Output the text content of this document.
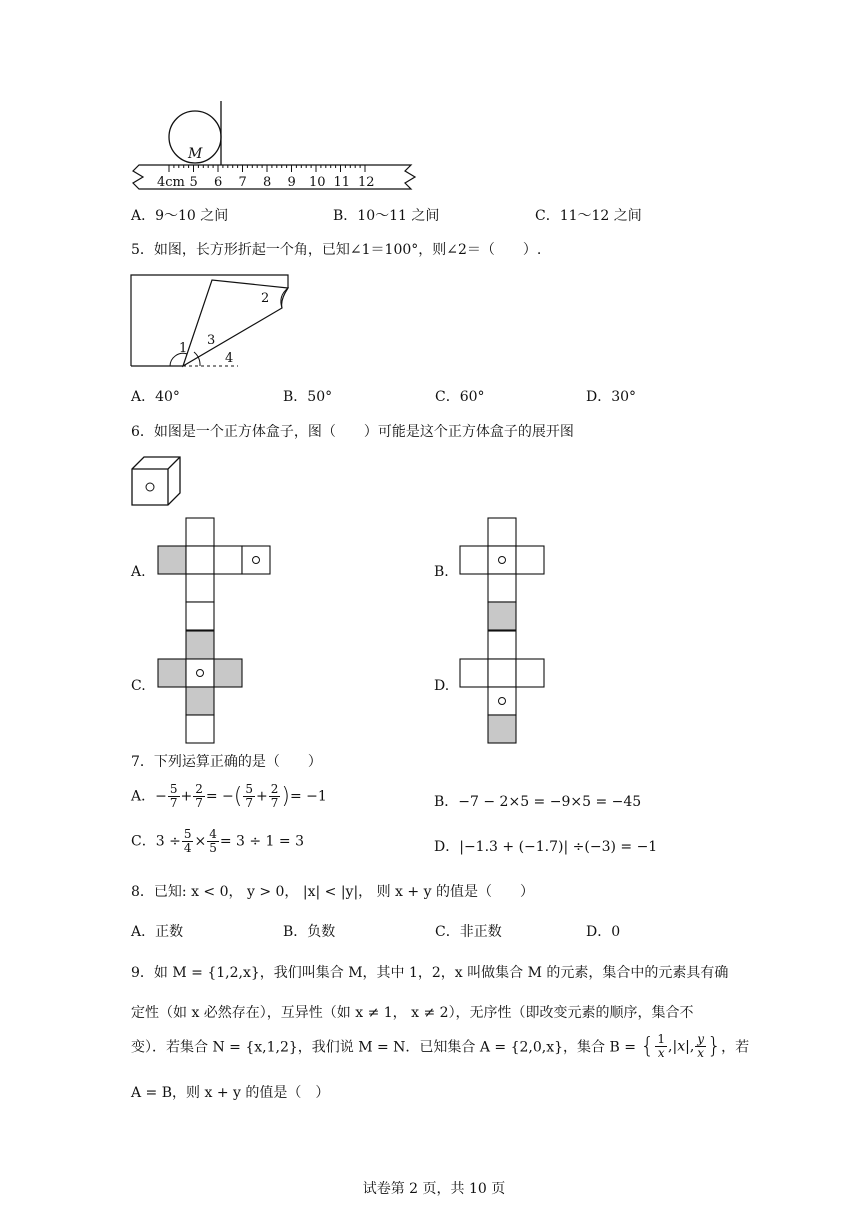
M
4cm 5 6 7 8 9 10 11 12
A．9～10 之间	B．10～11 之间	C．11～12 之间
5．如图，长方形折起一个角，已知∠1＝100°，则∠2＝（　　）.
1
2
3
4
A．40°	B．50°	C．60°	D．30°
6．如图是一个正方体盒子，图（　　）可能是这个正方体盒子的展开图
A.	B.
C.	D.
7．下列运算正确的是（　　）
A．− $\frac{5}{7} + \frac{2}{7}$ = −( $\frac{5}{7} + \frac{2}{7}$ )= −1	B．−7 − 2×5 = −9×5 = −45
C．$3 \div \frac{5}{4} \times \frac{4}{5} = 3 \div 1 = 3$	D．|−1.3 + (−1.7)| ÷(−3) = −1
8．已知: x < 0， y > 0， |x| < |y|， 则 x + y 的值是（　　）
A．正数	B．负数	C．非正数	D．0
9．如 M = {1,2,x}，我们叫集合 M，其中 1，2，x 叫做集合 M 的元素，集合中的元素具有确
定性（如 x 必然存在），互异性（如 x ≠ 1， x ≠ 2），无序性（即改变元素的顺序，集合不
变）．若集合 N = {x,1,2}，我们说 M = N．已知集合 A = {2,0,x}，集合 B = { $\frac{1}{x} ,|x|$, $\frac{y}{x}$ }，若
A = B，则 x + y 的值是（　）
试卷第 2 页，共 10 页
